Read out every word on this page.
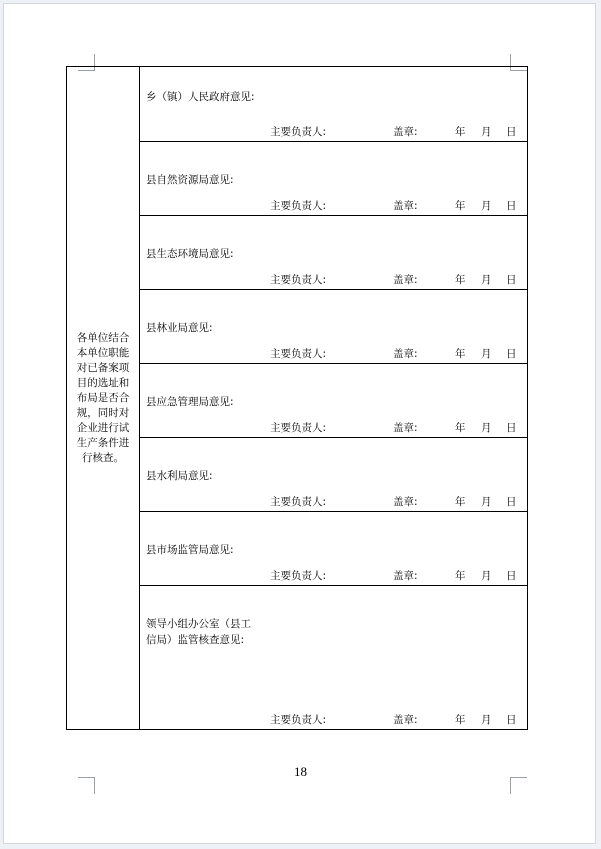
各单位结合本单位职能对已备案项目的选址和布局是否合规，同时对企业进行试生产条件进行核查。
乡（镇）人民政府意见:
主要负责人:	盖章:	年 月 日
县自然资源局意见:
主要负责人:	盖章:	年 月 日
县生态环境局意见:
主要负责人:	盖章:	年 月 日
县林业局意见:
主要负责人:	盖章:	年 月 日
县应急管理局意见:
主要负责人:	盖章:	年 月 日
县水利局意见:
主要负责人:	盖章:	年 月 日
县市场监管局意见:
主要负责人:	盖章:	年 月 日
领导小组办公室（县工信局）监管核查意见:
主要负责人:	盖章:	年 月 日
18
